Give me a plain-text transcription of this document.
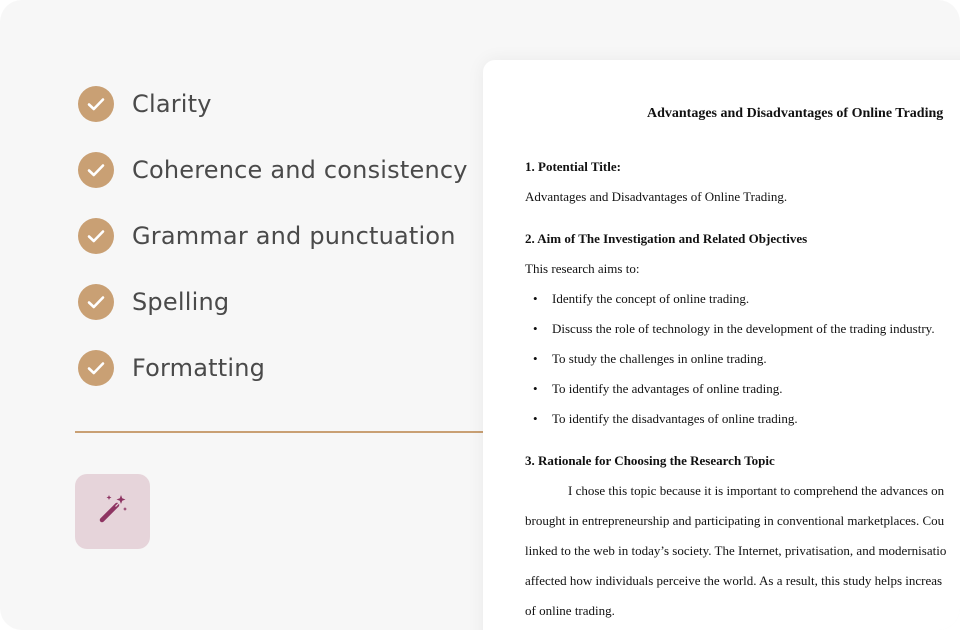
Clarity
Coherence and consistency
Grammar and punctuation
Spelling
Formatting
Advantages and Disadvantages of Online Trading
1. Potential Title:
Advantages and Disadvantages of Online Trading.
2. Aim of The Investigation and Related Objectives
This research aims to:
• Identify the concept of online trading.
• Discuss the role of technology in the development of the trading industry.
• To study the challenges in online trading.
• To identify the advantages of online trading.
• To identify the disadvantages of online trading.
3. Rationale for Choosing the Research Topic
I chose this topic because it is important to comprehend the advances on
brought in entrepreneurship and participating in conventional marketplaces. Cou
linked to the web in today’s society. The Internet, privatisation, and modernisatio
affected how individuals perceive the world. As a result, this study helps increas
of online trading.
